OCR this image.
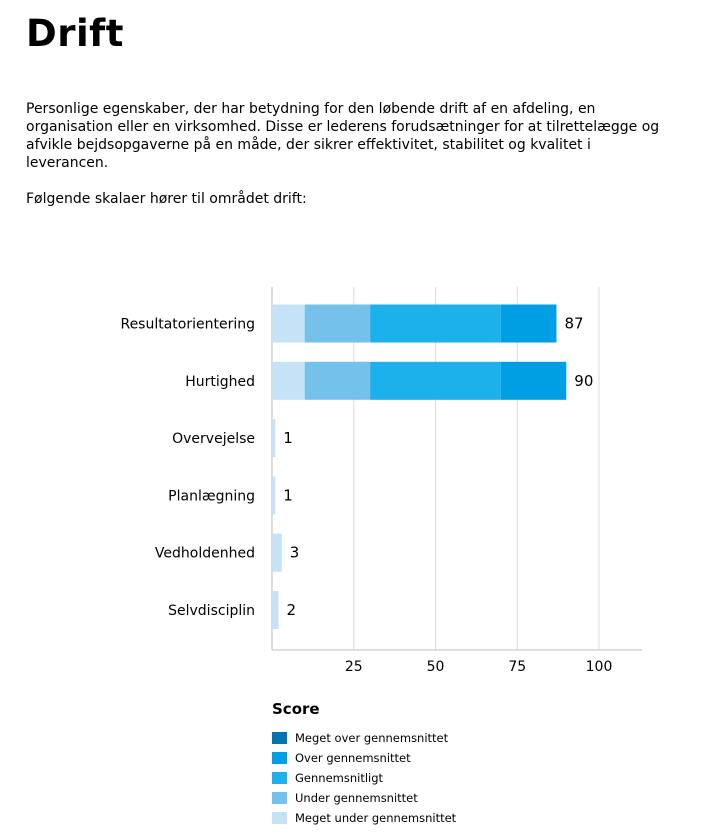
Drift

Personlige egenskaber, der har betydning for den løbende drift af en afdeling, en organisation eller en virksomhed. Disse er lederens forudsætninger for at tilrettelægge og afvikle bejdsopgaverne på en måde, der sikrer effektivitet, stabilitet og kvalitet i leverancen.

Følgende skalaer hører til området drift:

25	50	75	100
Resultatorientering	87
Hurtighed	90
Overvejelse 1
Planlægning 1
Vedholdenhed 3
Selvdisciplin 2
Score
Meget over gennemsnittet
Over gennemsnittet
Gennemsnitligt
Under gennemsnittet
Meget under gennemsnittet
